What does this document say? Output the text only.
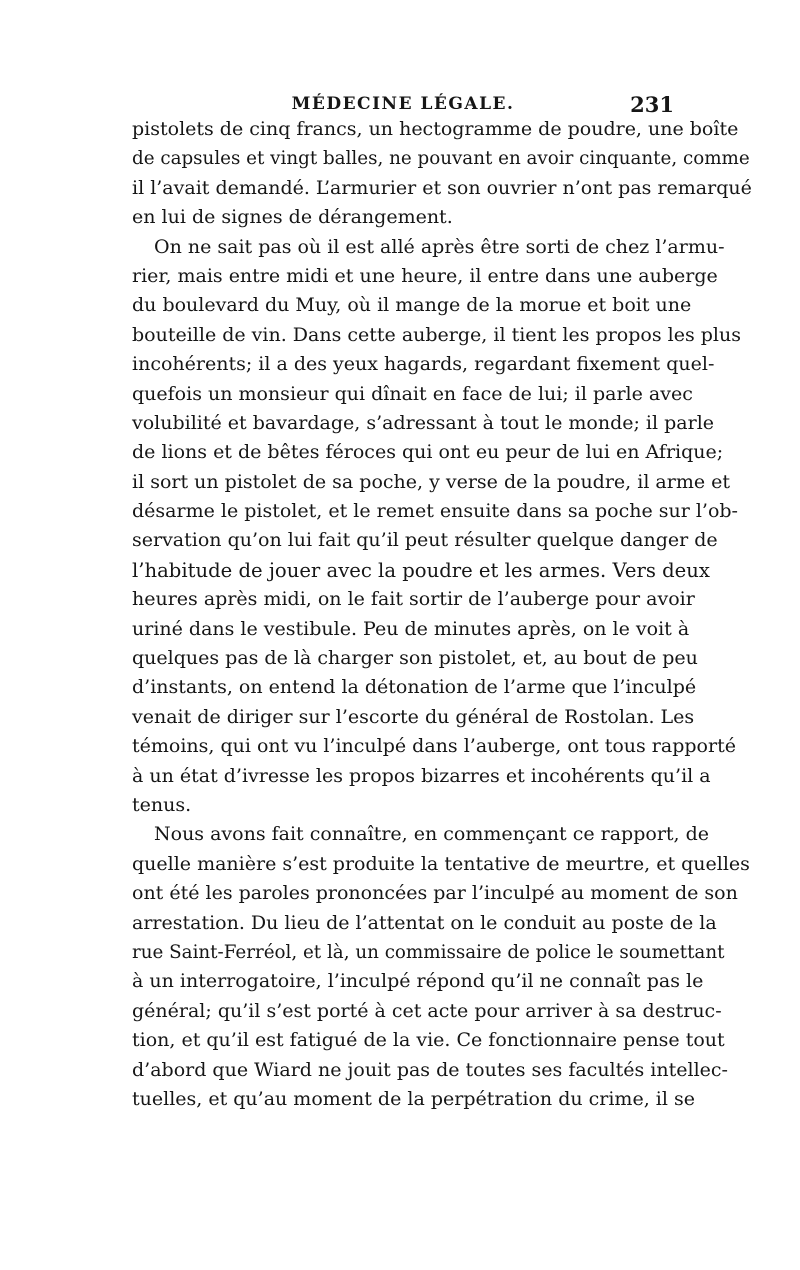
MÉDECINE LÉGALE.	231
pistolets de cinq francs, un hectogramme de poudre, une boîte
de capsules et vingt balles, ne pouvant en avoir cinquante, comme
il l’avait demandé. L’armurier et son ouvrier n’ont pas remarqué
en lui de signes de dérangement.
On ne sait pas où il est allé après être sorti de chez l’armu-
rier, mais entre midi et une heure, il entre dans une auberge
du boulevard du Muy, où il mange de la morue et boit une
bouteille de vin. Dans cette auberge, il tient les propos les plus
incohérents; il a des yeux hagards, regardant fixement quel-
quefois un monsieur qui dînait en face de lui; il parle avec
volubilité et bavardage, s’adressant à tout le monde; il parle
de lions et de bêtes féroces qui ont eu peur de lui en Afrique;
il sort un pistolet de sa poche, y verse de la poudre, il arme et
désarme le pistolet, et le remet ensuite dans sa poche sur l’ob-
servation qu’on lui fait qu’il peut résulter quelque danger de
l’habitude de jouer avec la poudre et les armes. Vers deux
heures après midi, on le fait sortir de l’auberge pour avoir
uriné dans le vestibule. Peu de minutes après, on le voit à
quelques pas de là charger son pistolet, et, au bout de peu
d’instants, on entend la détonation de l’arme que l’inculpé
venait de diriger sur l’escorte du général de Rostolan. Les
témoins, qui ont vu l’inculpé dans l’auberge, ont tous rapporté
à un état d’ivresse les propos bizarres et incohérents qu’il a
tenus.
Nous avons fait connaître, en commençant ce rapport, de
quelle manière s’est produite la tentative de meurtre, et quelles
ont été les paroles prononcées par l’inculpé au moment de son
arrestation. Du lieu de l’attentat on le conduit au poste de la
rue Saint-Ferréol, et là, un commissaire de police le soumettant
à un interrogatoire, l’inculpé répond qu’il ne connaît pas le
général; qu’il s’est porté à cet acte pour arriver à sa destruc-
tion, et qu’il est fatigué de la vie. Ce fonctionnaire pense tout
d’abord que Wiard ne jouit pas de toutes ses facultés intellec-
tuelles, et qu’au moment de la perpétration du crime, il se
